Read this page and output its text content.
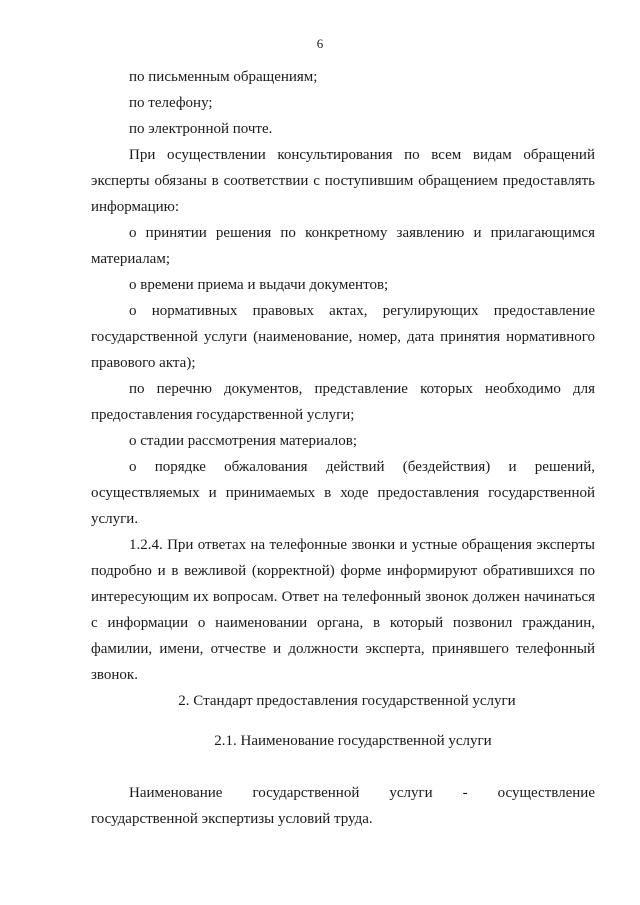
6

по письменным обращениям;

по телефону;

по электронной почте.

При осуществлении консультирования по всем видам обращений эксперты обязаны в соответствии с поступившим обращением предоставлять информацию:

о принятии решения по конкретному заявлению и прилагающимся материалам;

о времени приема и выдачи документов;

о нормативных правовых актах, регулирующих предоставление государственной услуги (наименование, номер, дата принятия нормативного правового акта);

по перечню документов, представление которых необходимо для предоставления государственной услуги;

о стадии рассмотрения материалов;

о порядке обжалования действий (бездействия) и решений, осуществляемых и принимаемых в ходе предоставления государственной услуги.

1.2.4. При ответах на телефонные звонки и устные обращения эксперты подробно и в вежливой (корректной) форме информируют обратившихся по интересующим их вопросам. Ответ на телефонный звонок должен начинаться с информации о наименовании органа, в который позвонил гражданин, фамилии, имени, отчестве и должности эксперта, принявшего телефонный звонок.

2. Стандарт предоставления государственной услуги

2.1. Наименование государственной услуги

Наименование государственной услуги - осуществление государственной экспертизы условий труда.
